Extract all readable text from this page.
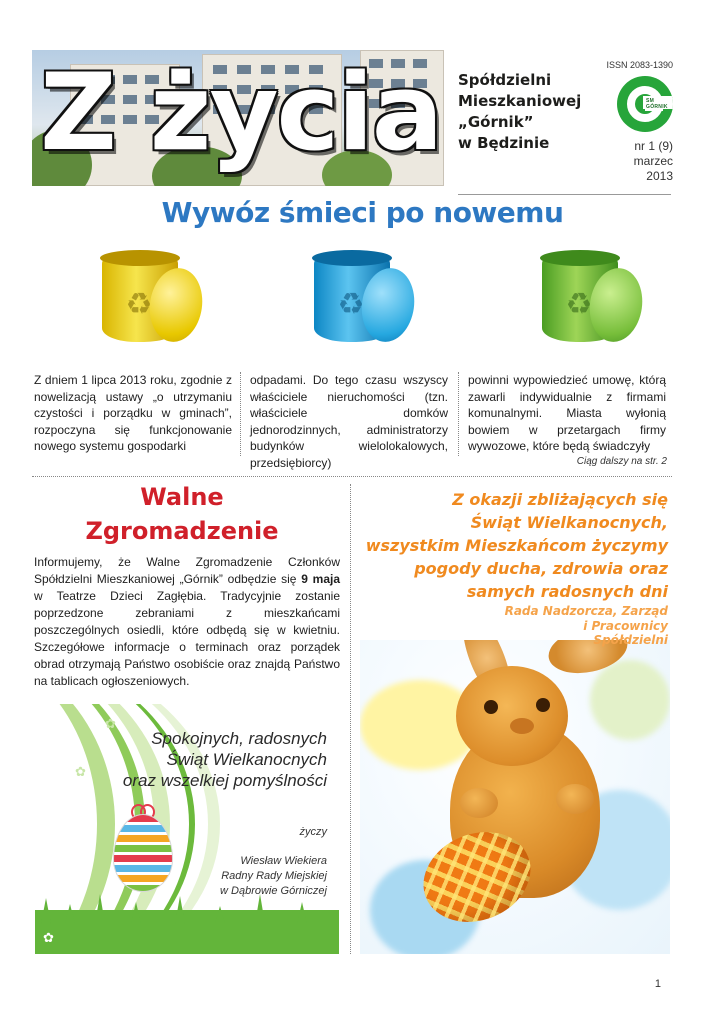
Z życia Spółdzielni
Mieszkaniowej
„Górnik”
w Będzinie
ISSN 2083-1390
SM GÓRNIK
nr 1 (9)
marzec
2013
Wywóz śmieci po nowemu
♻	♻	♻
Z dniem 1 lipca 2013 roku, zgodnie z nowelizacją ustawy „o utrzymaniu czystości i porządku w gminach”, rozpoczyna się funkcjonowanie nowego systemu gospodarki
odpadami. Do tego czasu wszyscy właściciele nieruchomości (tzn. właściciele domków jednorodzinnych, administratorzy budynków wielolokalowych, przedsiębiorcy)
powinni wypowiedzieć umowę, którą zawarli indywidualnie z firmami komunalnymi. Miasta wyłonią bowiem w przetargach firmy wywozowe, które będą świadczyły
Ciąg dalszy na str. 2
Walne
Zgromadzenie
Informujemy, że Walne Zgromadzenie Członków Spółdzielni Mieszkaniowej „Górnik” odbędzie się 9 maja w Teatrze Dzieci Zagłębia. Tradycyjnie zostanie poprzedzone zebraniami z mieszkańcami poszczególnych osiedli, które odbędą się w kwietniu. Szczegółowe informacje o terminach oraz porządek obrad otrzymają Państwo osobiście oraz znajdą Państwo na tablicach ogłoszeniowych.
✿
✿
✿
Spokojnych, radosnych
Świąt Wielkanocnych
oraz wszelkiej pomyślności
życzy
Wiesław Wiekiera
Radny Rady Miejskiej
w Dąbrowie Górniczej
Z okazji zbliżających się
Świąt Wielkanocnych,
wszystkim Mieszkańcom życzymy
pogody ducha, zdrowia oraz
samych radosnych dni
Rada Nadzorcza, Zarząd
i Pracownicy
Spółdzielni
1
